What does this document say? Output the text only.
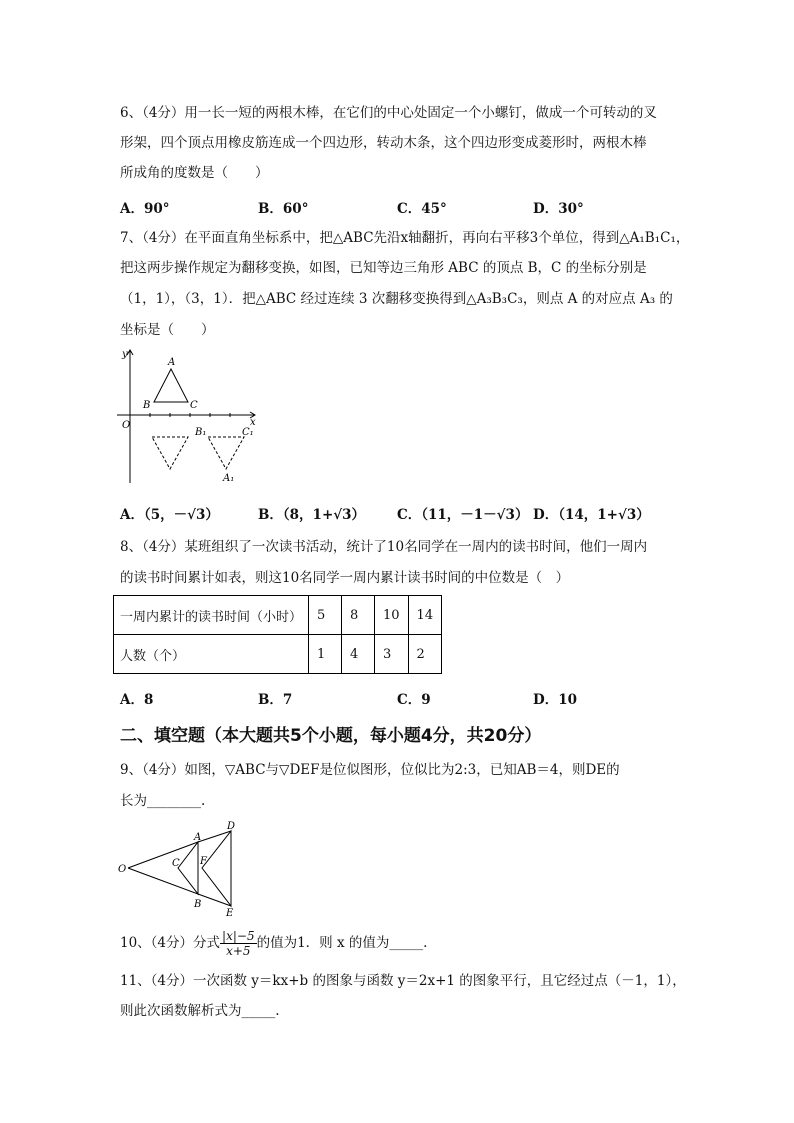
6、（4分）用一长一短的两根木棒，在它们的中心处固定一个小螺钉，做成一个可转动的叉
形架，四个顶点用橡皮筋连成一个四边形，转动木条，这个四边形变成菱形时，两根木棒
所成角的度数是（　　）
A．90°	B．60°	C．45°	D．30°
7、（4分）在平面直角坐标系中，把△ABC先沿x轴翻折，再向右平移3个单位，得到△A₁B₁C₁，
把这两步操作规定为翻移变换，如图，已知等边三角形 ABC 的顶点 B，C 的坐标分别是
（1，1），（3，1）．把△ABC 经过连续 3 次翻移变换得到△A₃B₃C₃，则点 A 的对应点 A₃ 的
坐标是（　　）
y
x
O
A
B	C
B₁	C₁
A₁
A．（5，－√3）	B．（8，1+√3） C．（11，－1－√3） D．（14，1+√3）
8、（4分）某班组织了一次读书活动，统计了10名同学在一周内的读书时间，他们一周内
的读书时间累计如表，则这10名同学一周内累计读书时间的中位数是（　）
一周内累计的读书时间（小时）	5	8	10	14
人数（个）	1	4	3	2
A．8	B．7	C．9	D．10
二、填空题（本大题共5个小题，每小题4分，共20分）
9、（4分）如图，▽ABC与▽DEF是位似图形，位似比为2:3，已知AB＝4，则DE的
长为________.
O
A
B
C
D
E
F
10、（4分）分式 $\frac{|x|-5}{x+5}$ 的值为1．则 x 的值为_____.
11、（4分）一次函数 y＝kx+b 的图象与函数 y＝2x+1 的图象平行，且它经过点（－1，1），
则此次函数解析式为_____.
